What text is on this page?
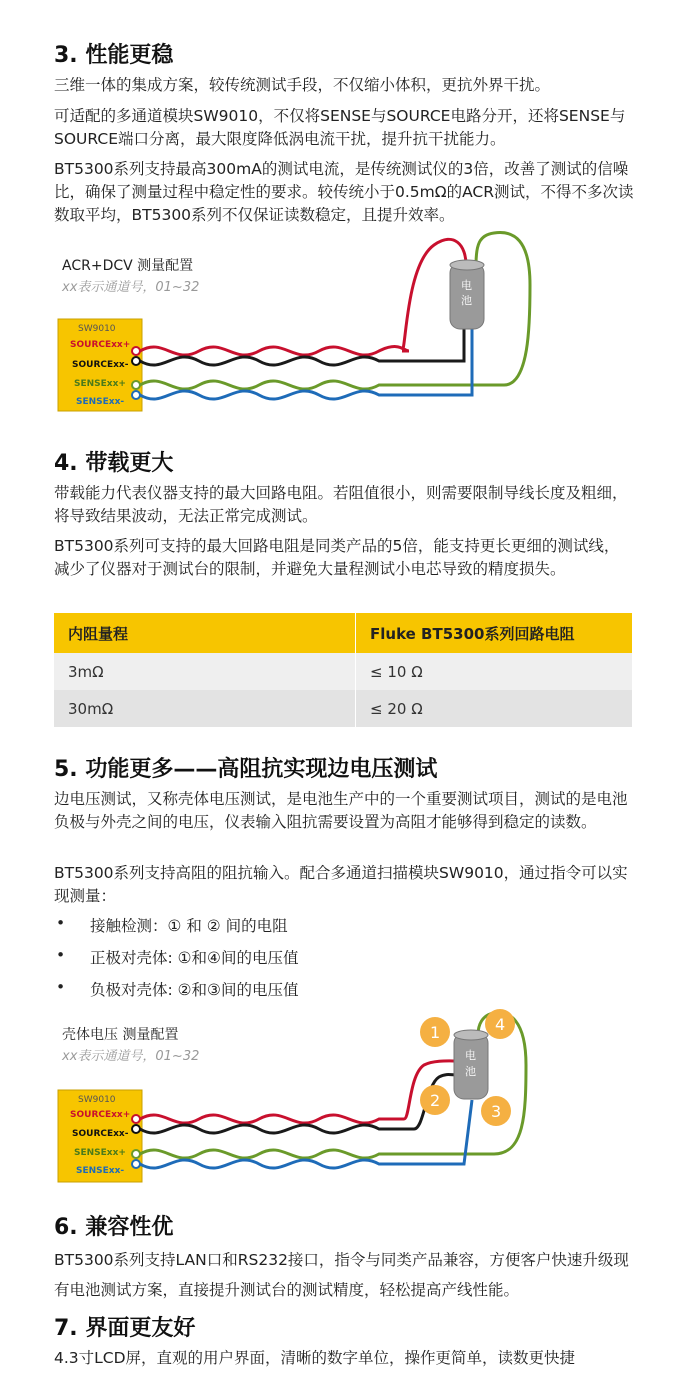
3. 性能更稳

三维一体的集成方案，较传统测试手段，不仅缩小体积，更抗外界干扰。

可适配的多通道模块SW9010，不仅将SENSE与SOURCE电路分开，还将SENSE与SOURCE端口分离，最大限度降低涡电流干扰，提升抗干扰能力。

BT5300系列支持最高300mA的测试电流，是传统测试仪的3倍，改善了测试的信噪比，确保了测量过程中稳定性的要求。较传统小于0.5mΩ的ACR测试，不得不多次读数取平均，BT5300系列不仅保证读数稳定，且提升效率。

ACR+DCV 测量配置
xx表示通道号，01~32
SW9010
SOURCExx+
SOURCExx-
SENSExx+
SENSExx-
电
池
4. 带载更大

带载能力代表仪器支持的最大回路电阻。若阻值很小，则需要限制导线长度及粗细，将导致结果波动，无法正常完成测试。

BT5300系列可支持的最大回路电阻是同类产品的5倍，能支持更长更细的测试线，减少了仪器对于测试台的限制，并避免大量程测试小电芯导致的精度损失。

内阻量程	Fluke BT5300系列回路电阻
3mΩ	≤ 10 Ω
30mΩ	≤ 20 Ω
5. 功能更多——高阻抗实现边电压测试

边电压测试，又称壳体电压测试，是电池生产中的一个重要测试项目，测试的是电池负极与外壳之间的电压，仪表输入阻抗需要设置为高阻才能够得到稳定的读数。

BT5300系列支持高阻的阻抗输入。配合多通道扫描模块SW9010，通过指令可以实现测量：

• 接触检测：① 和 ② 间的电阻
• 正极对壳体: ①和④间的电压值
• 负极对壳体: ②和③间的电压值
壳体电压 测量配置
xx表示通道号，01~32
SW9010
SOURCExx+
SOURCExx-
SENSExx+
SENSExx-
电
池
1
2
3
4
6. 兼容性优

BT5300系列支持LAN口和RS232接口，指令与同类产品兼容，方便客户快速升级现有电池测试方案，直接提升测试台的测试精度，轻松提高产线性能。

7. 界面更友好

4.3寸LCD屏，直观的用户界面，清晰的数字单位，操作更简单，读数更快捷
